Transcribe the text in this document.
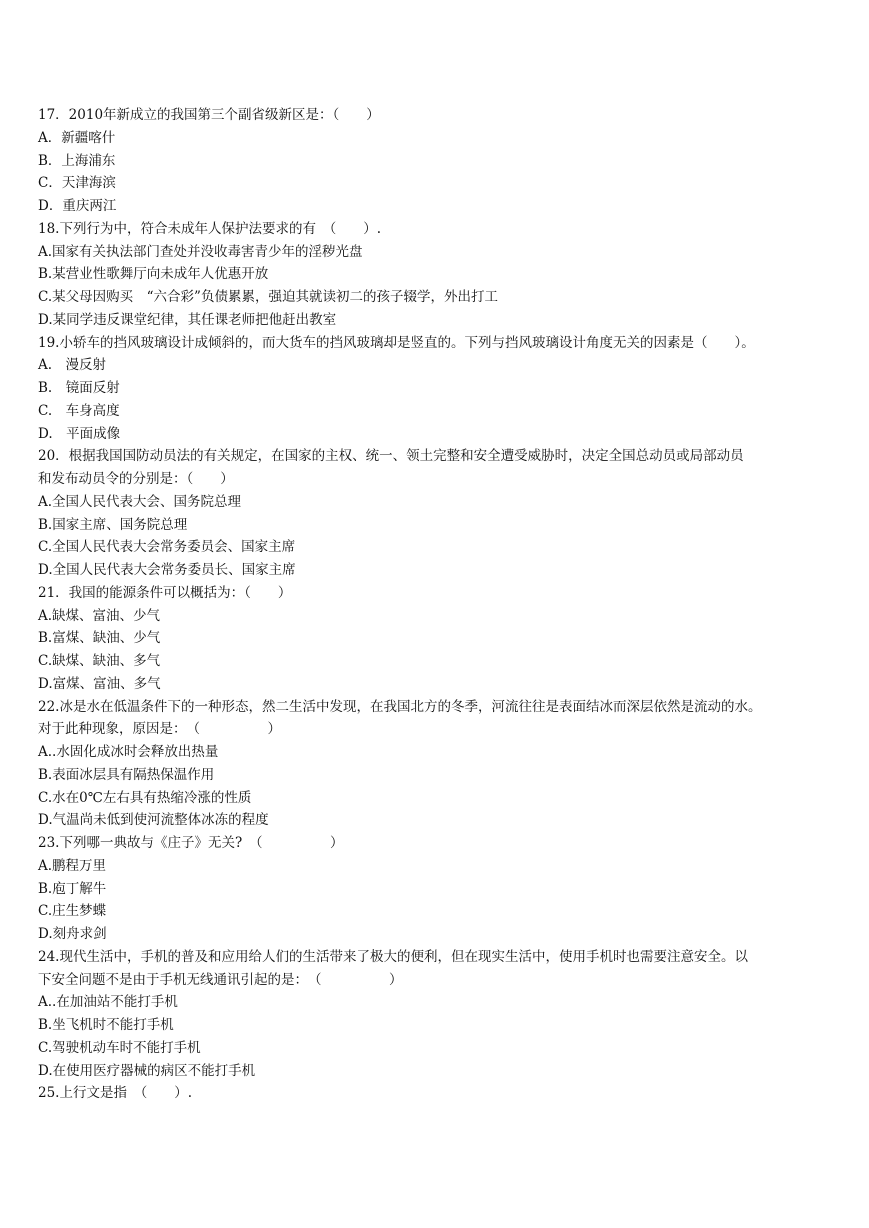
17．2010年新成立的我国第三个副省级新区是：（　　）
A．新疆喀什
B．上海浦东
C．天津海滨
D．重庆两江
18.下列行为中，符合未成年人保护法要求的有　（　　）.
A.国家有关执法部门查处并没收毒害青少年的淫秽光盘
B.某营业性歌舞厅向未成年人优惠开放
C.某父母因购买　“六合彩”负债累累，强迫其就读初二的孩子辍学，外出打工
D.某同学违反课堂纪律，其任课老师把他赶出教室
19.小轿车的挡风玻璃设计成倾斜的，而大货车的挡风玻璃却是竖直的。下列与挡风玻璃设计角度无关的因素是（　　）。
A.　漫反射
B.　镜面反射
C.　车身高度
D.　平面成像
20．根据我国国防动员法的有关规定，在国家的主权、统一、领土完整和安全遭受威胁时，决定全国总动员或局部动员
和发布动员令的分别是：（　　）
A.全国人民代表大会、国务院总理
B.国家主席、国务院总理
C.全国人民代表大会常务委员会、国家主席
D.全国人民代表大会常务委员长、国家主席
21．我国的能源条件可以概括为：（　　）
A.缺煤、富油、少气
B.富煤、缺油、少气
C.缺煤、缺油、多气
D.富煤、富油、多气
22.冰是水在低温条件下的一种形态，然二生活中发现，在我国北方的冬季，河流往往是表面结冰而深层依然是流动的水。
对于此种现象，原因是：　（　　　　　）
A..水固化成冰时会释放出热量
B.表面冰层具有隔热保温作用
C.水在0℃左右具有热缩冷涨的性质
D.气温尚未低到使河流整体冰冻的程度
23.下列哪一典故与《庄子》无关?　（　　　　　）
A.鹏程万里
B.庖丁解牛
C.庄生梦蝶
D.刻舟求剑
24.现代生活中，手机的普及和应用给人们的生活带来了极大的便利，但在现实生活中，使用手机时也需要注意安全。以
下安全问题不是由于手机无线通讯引起的是：　（　　　　　）
A..在加油站不能打手机
B.坐飞机时不能打手机
C.驾驶机动车时不能打手机
D.在使用医疗器械的病区不能打手机
25.上行文是指　（　　）.
